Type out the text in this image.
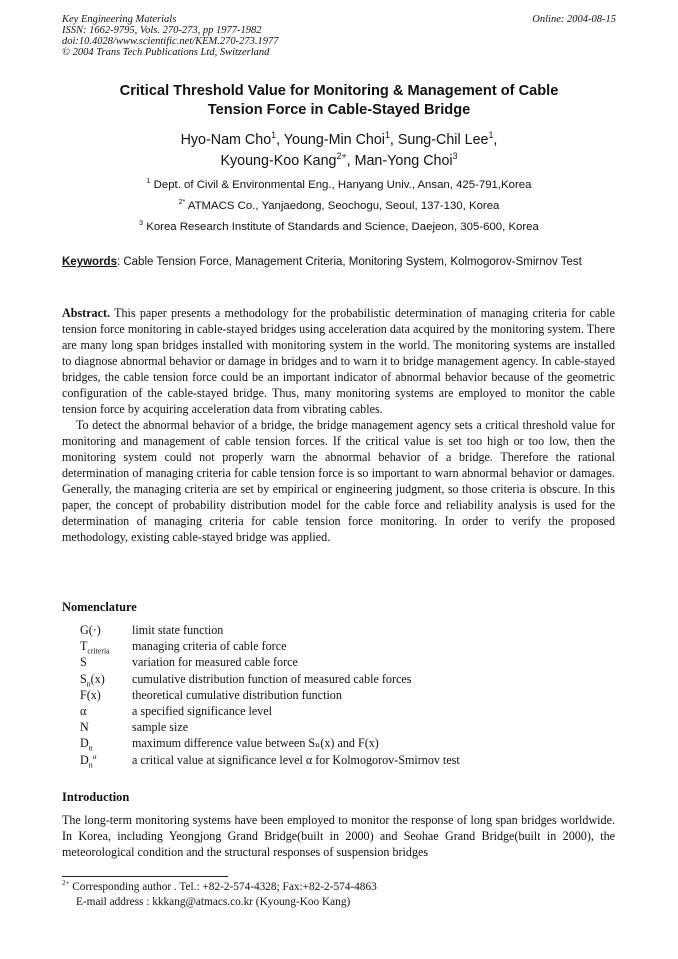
Key Engineering Materials
ISSN: 1662-9795, Vols. 270-273, pp 1977-1982
doi:10.4028/www.scientific.net/KEM.270-273.1977
© 2004 Trans Tech Publications Ltd, Switzerland
Online: 2004-08-15
Critical Threshold Value for Monitoring & Management of Cable
Tension Force in Cable-Stayed Bridge
Hyo-Nam Cho$^1$, Young-Min Choi$^1$, Sung-Chil Lee$^1$,
Kyoung-Koo Kang$^{2+}$, Man-Yong Choi$^3$
$^1$ Dept. of Civil & Environmental Eng., Hanyang Univ., Ansan, 425-791,Korea
$^{2*}$ ATMACS Co., Yanjaedong, Seochogu, Seoul, 137-130, Korea
$^3$ Korea Research Institute of Standards and Science, Daejeon, 305-600, Korea
Keywords: Cable Tension Force, Management Criteria, Monitoring System, Kolmogorov-Smirnov Test

Abstract. This paper presents a methodology for the probabilistic determination of managing criteria for cable tension force monitoring in cable-stayed bridges using acceleration data acquired by the monitoring system. There are many long span bridges installed with monitoring system in the world. The monitoring systems are installed to diagnose abnormal behavior or damage in bridges and to warn it to bridge management agency. In cable-stayed bridges, the cable tension force could be an important indicator of abnormal behavior because of the geometric configuration of the cable-stayed bridge. Thus, many monitoring systems are employed to monitor the cable tension force by acquiring acceleration data from vibrating cables.

To detect the abnormal behavior of a bridge, the bridge management agency sets a critical threshold value for monitoring and management of cable tension forces. If the critical value is set too high or too low, then the monitoring system could not properly warn the abnormal behavior of a bridge. Therefore the rational determination of managing criteria for cable tension force is so important to warn abnormal behavior or damages. Generally, the managing criteria are set by empirical or engineering judgment, so those criteria is obscure. In this paper, the concept of probability distribution model for the cable force and reliability analysis is used for the determination of managing criteria for cable tension force monitoring. In order to verify the proposed methodology, existing cable-stayed bridge was applied.

Nomenclature
G(·)	limit state function
$T_{criteria}$	managing criteria of cable force
S	variation for measured cable force
$S_n(x)$	cumulative distribution function of measured cable forces
F(x)	theoretical cumulative distribution function
α	a specified significance level
N	sample size
$D_n$	maximum difference value between Sₙ(x) and F(x)
$D_n^\alpha$	a critical value at significance level α for Kolmogorov-Smirnov test
Introduction

The long-term monitoring systems have been employed to monitor the response of long span bridges worldwide. In Korea, including Yeongjong Grand Bridge(built in 2000) and Seohae Grand Bridge(built in 2000), the meteorological condition and the structural responses of suspension bridges

$^{2+}$ Corresponding author . Tel.: +82-2-574-4328; Fax:+82-2-574-4863
E-mail address : kkkang@atmacs.co.kr (Kyoung-Koo Kang)
